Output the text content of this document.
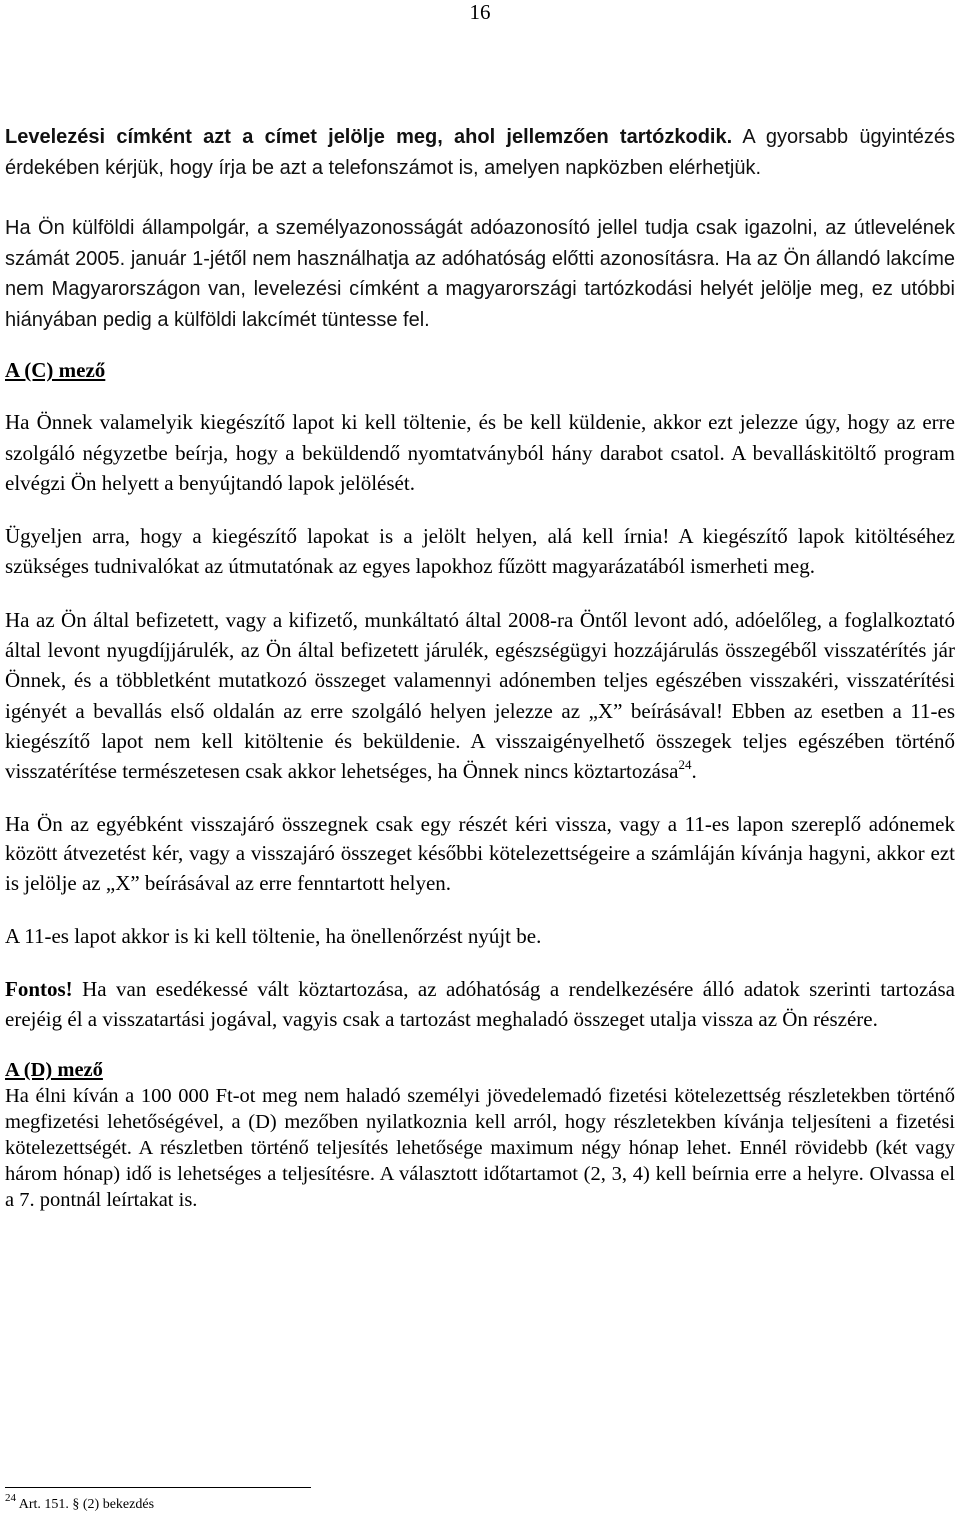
16

Levelezési címként azt a címet jelölje meg, ahol jellemzően tartózkodik. A gyorsabb ügyintézés érdekében kérjük, hogy írja be azt a telefonszámot is, amelyen napközben elérhetjük.

Ha Ön külföldi állampolgár, a személyazonosságát adóazonosító jellel tudja csak igazolni, az útlevelének számát 2005. január 1-jétől nem használhatja az adóhatóság előtti azonosításra. Ha az Ön állandó lakcíme nem Magyarországon van, levelezési címként a magyarországi tartózkodási helyét jelölje meg, ez utóbbi hiányában pedig a külföldi lakcímét tüntesse fel.

A (C) mező

Ha Önnek valamelyik kiegészítő lapot ki kell töltenie, és be kell küldenie, akkor ezt jelezze úgy, hogy az erre szolgáló négyzetbe beírja, hogy a beküldendő nyomtatványból hány darabot csatol. A bevalláskitöltő program elvégzi Ön helyett a benyújtandó lapok jelölését.

Ügyeljen arra, hogy a kiegészítő lapokat is a jelölt helyen, alá kell írnia! A kiegészítő lapok kitöltéséhez szükséges tudnivalókat az útmutatónak az egyes lapokhoz fűzött magyarázatából ismerheti meg.

Ha az Ön által befizetett, vagy a kifizető, munkáltató által 2008-ra Öntől levont adó, adóelőleg, a foglalkoztató által levont nyugdíjjárulék, az Ön által befizetett járulék, egészségügyi hozzájárulás összegéből visszatérítés jár Önnek, és a többletként mutatkozó összeget valamennyi adónemben teljes egészében visszakéri, visszatérítési igényét a bevallás első oldalán az erre szolgáló helyen jelezze az „X” beírásával! Ebben az esetben a 11-es kiegészítő lapot nem kell kitöltenie és beküldenie. A visszaigényelhető összegek teljes egészében történő visszatérítése természetesen csak akkor lehetséges, ha Önnek nincs köztartozása$^{24}$.

Ha Ön az egyébként visszajáró összegnek csak egy részét kéri vissza, vagy a 11-es lapon szereplő adónemek között átvezetést kér, vagy a visszajáró összeget későbbi kötelezettségeire a számláján kívánja hagyni, akkor ezt is jelölje az „X” beírásával az erre fenntartott helyen.

A 11-es lapot akkor is ki kell töltenie, ha önellenőrzést nyújt be.

Fontos! Ha van esedékessé vált köztartozása, az adóhatóság a rendelkezésére álló adatok szerinti tartozása erejéig él a visszatartási jogával, vagyis csak a tartozást meghaladó összeget utalja vissza az Ön részére.

A (D) mező

Ha élni kíván a 100 000 Ft-ot meg nem haladó személyi jövedelemadó fizetési kötelezettség részletekben történő megfizetési lehetőségével, a (D) mezőben nyilatkoznia kell arról, hogy részletekben kívánja teljesíteni a fizetési kötelezettségét. A részletben történő teljesítés lehetősége maximum négy hónap lehet. Ennél rövidebb (két vagy három hónap) idő is lehetséges a teljesítésre. A választott időtartamot (2, 3, 4) kell beírnia erre a helyre. Olvassa el a 7. pontnál leírtakat is.

$^{24}$ Art. 151. § (2) bekezdés
